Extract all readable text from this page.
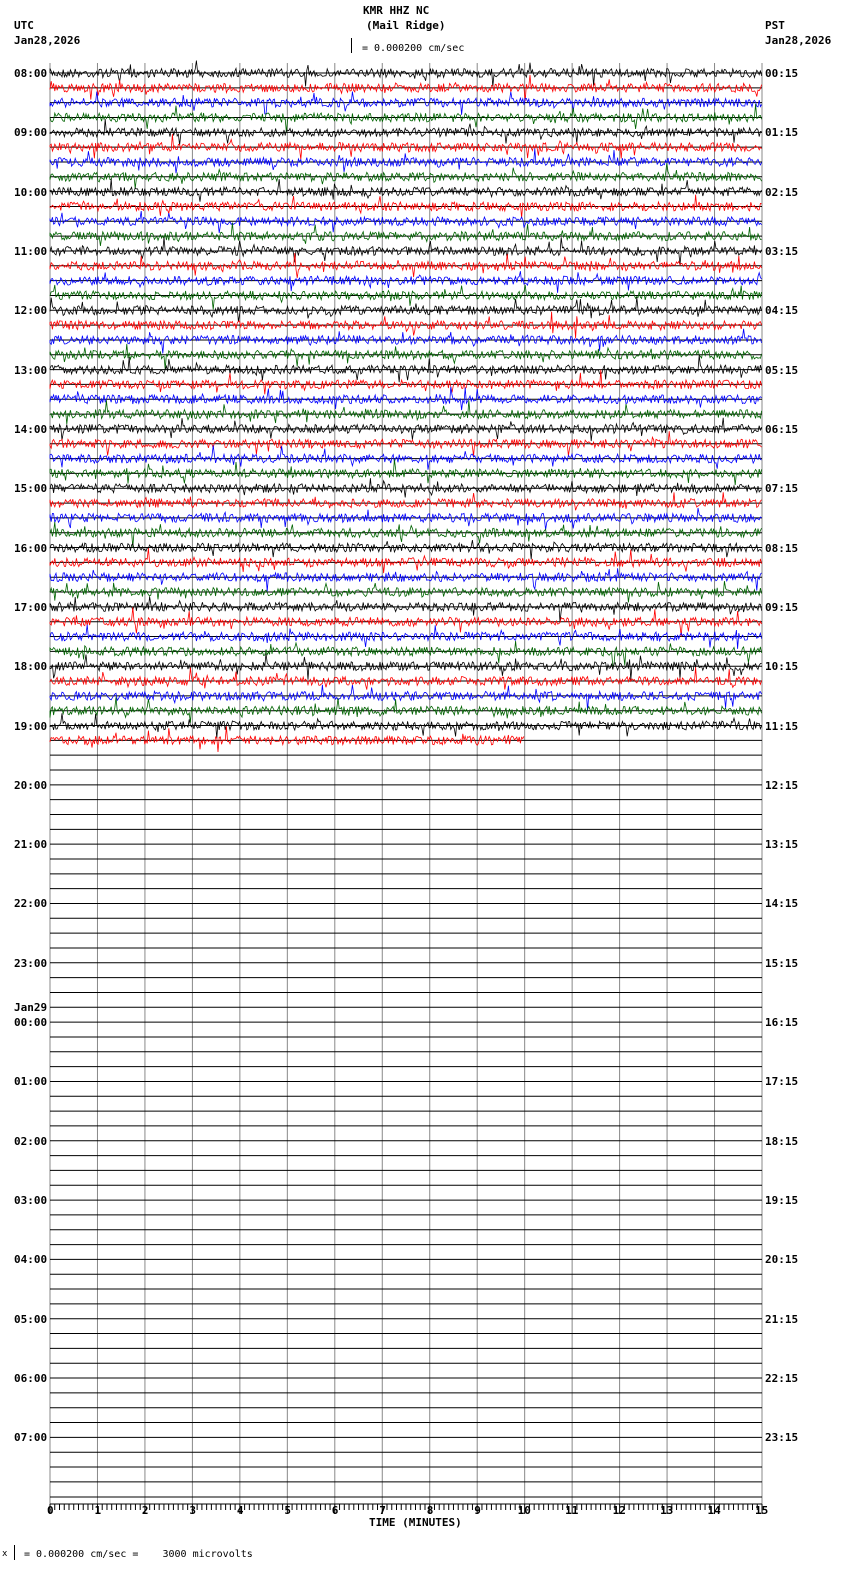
KMR HHZ NC
(Mail Ridge)
UTC
Jan28,2026
PST
Jan28,2026
= 0.000200 cm/sec
TIME (MINUTES)
x = 0.000200 cm/sec =    3000 microvolts
0	1	2	3	4	5	6	7	8	9	10	11	12	13	14	15
08:00
09:00
10:00
11:00
12:00
13:00
14:00
15:00
16:00
17:00
18:00
19:00
20:00
21:00
22:00
23:00
00:00
Jan29
01:00
02:00
03:00
04:00
05:00
06:00
07:00
00:15
01:15
02:15
03:15
04:15
05:15
06:15
07:15
08:15
09:15
10:15
11:15
12:15
13:15
14:15
15:15
16:15
17:15
18:15
19:15
20:15
21:15
22:15
23:15
